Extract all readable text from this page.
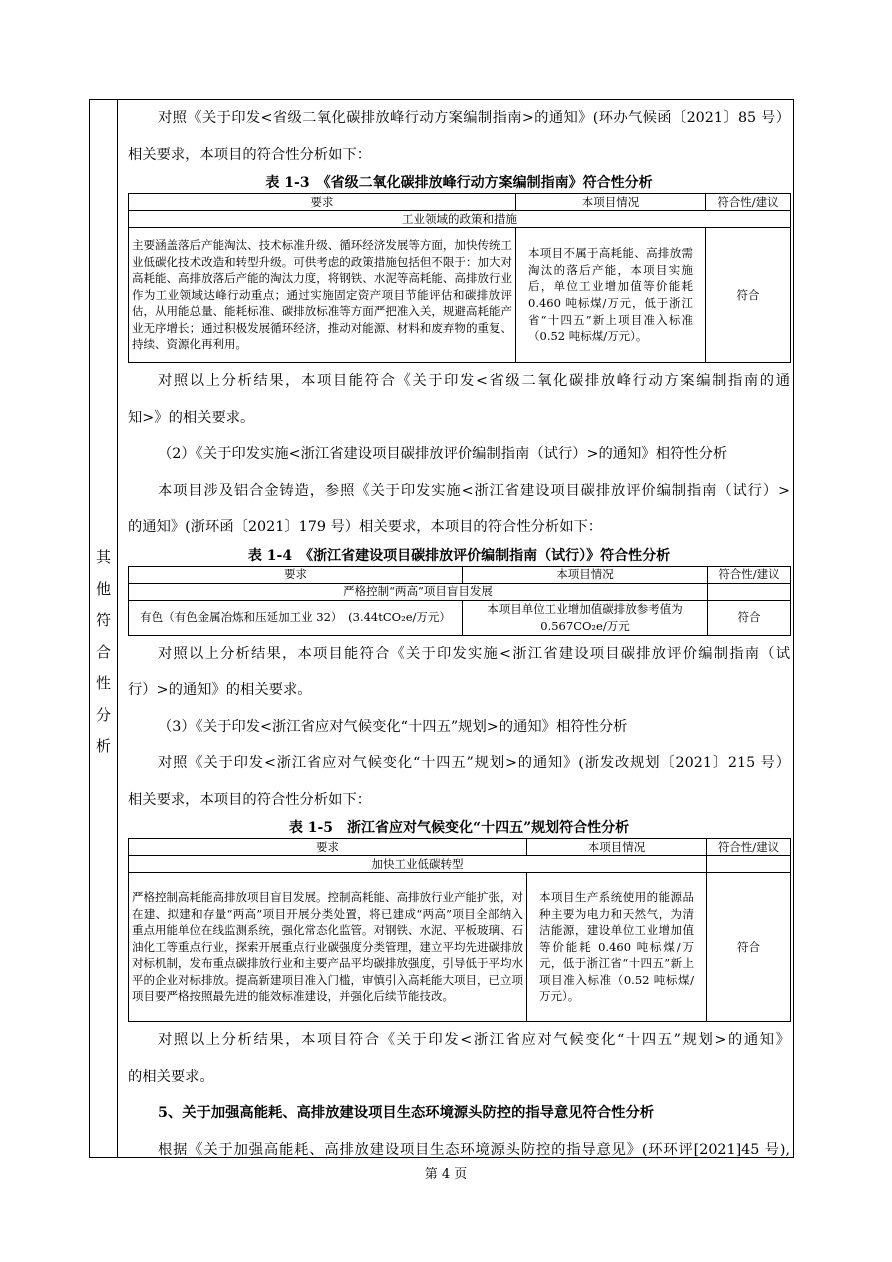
其
他
符
合
性
分
析

对照《关于印发<省级二氧化碳排放峰行动方案编制指南>的通知》(环办气候函〔2021〕85 号）

相关要求，本项目的符合性分析如下：

表 1-3　《省级二氧化碳排放峰行动方案编制指南》符合性分析

要求	本项目情况	符合性/建议
工业领域的政策和措施		
主要涵盖落后产能淘汰、技术标准升级、循环经济发展等方面，加快传统工业低碳化技术改造和转型升级。可供考虑的政策措施包括但不限于：加大对高耗能、高排放落后产能的淘汰力度，将钢铁、水泥等高耗能、高排放行业作为工业领域达峰行动重点；通过实施固定资产项目节能评估和碳排放评估，从用能总量、能耗标准、碳排放标准等方面严把准入关，规避高耗能产业无序增长；通过积极发展循环经济，推动对能源、材料和废弃物的重复、持续、资源化再利用。	本项目不属于高耗能、高排放需淘汰的落后产能，本项目实施后，单位工业增加值等价能耗 0.460 吨标煤/万元，低于浙江省“十四五”新上项目准入标准（0.52 吨标煤/万元）。	符合

对照以上分析结果，本项目能符合《关于印发<省级二氧化碳排放峰行动方案编制指南的通

知>》的相关要求。

（2）《关于印发实施<浙江省建设项目碳排放评价编制指南（试行）>的通知》相符性分析

本项目涉及铝合金铸造，参照《关于印发实施<浙江省建设项目碳排放评价编制指南（试行）>

的通知》(浙环函〔2021〕179 号）相关要求，本项目的符合性分析如下：

表 1-4　《浙江省建设项目碳排放评价编制指南（试行）》符合性分析

要求	本项目情况	符合性/建议
严格控制“两高”项目盲目发展		
有色（有色金属冶炼和压延加工业 32）　(3.44tCO₂e/万元）	本项目单位工业增加值碳排放参考值为 0.567CO₂e/万元	符合

对照以上分析结果，本项目能符合《关于印发实施<浙江省建设项目碳排放评价编制指南（试

行）>的通知》的相关要求。

（3）《关于印发<浙江省应对气候变化“十四五”规划>的通知》相符性分析

对照《关于印发<浙江省应对气候变化“十四五”规划>的通知》(浙发改规划〔2021〕215 号）

相关要求，本项目的符合性分析如下：

表 1-5　浙江省应对气候变化“十四五”规划符合性分析

要求	本项目情况	符合性/建议
加快工业低碳转型		
严格控制高耗能高排放项目盲目发展。控制高耗能、高排放行业产能扩张，对在建、拟建和存量“两高”项目开展分类处置，将已建成“两高”项目全部纳入重点用能单位在线监测系统，强化常态化监管。对钢铁、水泥、平板玻璃、石油化工等重点行业，探索开展重点行业碳强度分类管理，建立平均先进碳排放对标机制，发布重点碳排放行业和主要产品平均碳排放强度，引导低于平均水平的企业对标排放。提高新建项目准入门槛，审慎引入高耗能大项目，已立项项目要严格按照最先进的能效标准建设，并强化后续节能技改。	本项目生产系统使用的能源品种主要为电力和天然气，为清洁能源，建设单位工业增加值等价能耗 0.460 吨标煤/万元，低于浙江省“十四五”新上项目准入标准（0.52 吨标煤/万元）。	符合

对照以上分析结果，本项目符合《关于印发<浙江省应对气候变化“十四五”规划>的通知》

的相关要求。

5、关于加强高能耗、高排放建设项目生态环境源头防控的指导意见符合性分析

根据《关于加强高能耗、高排放建设项目生态环境源头防控的指导意见》(环环评[2021]45 号),

第 4 页
